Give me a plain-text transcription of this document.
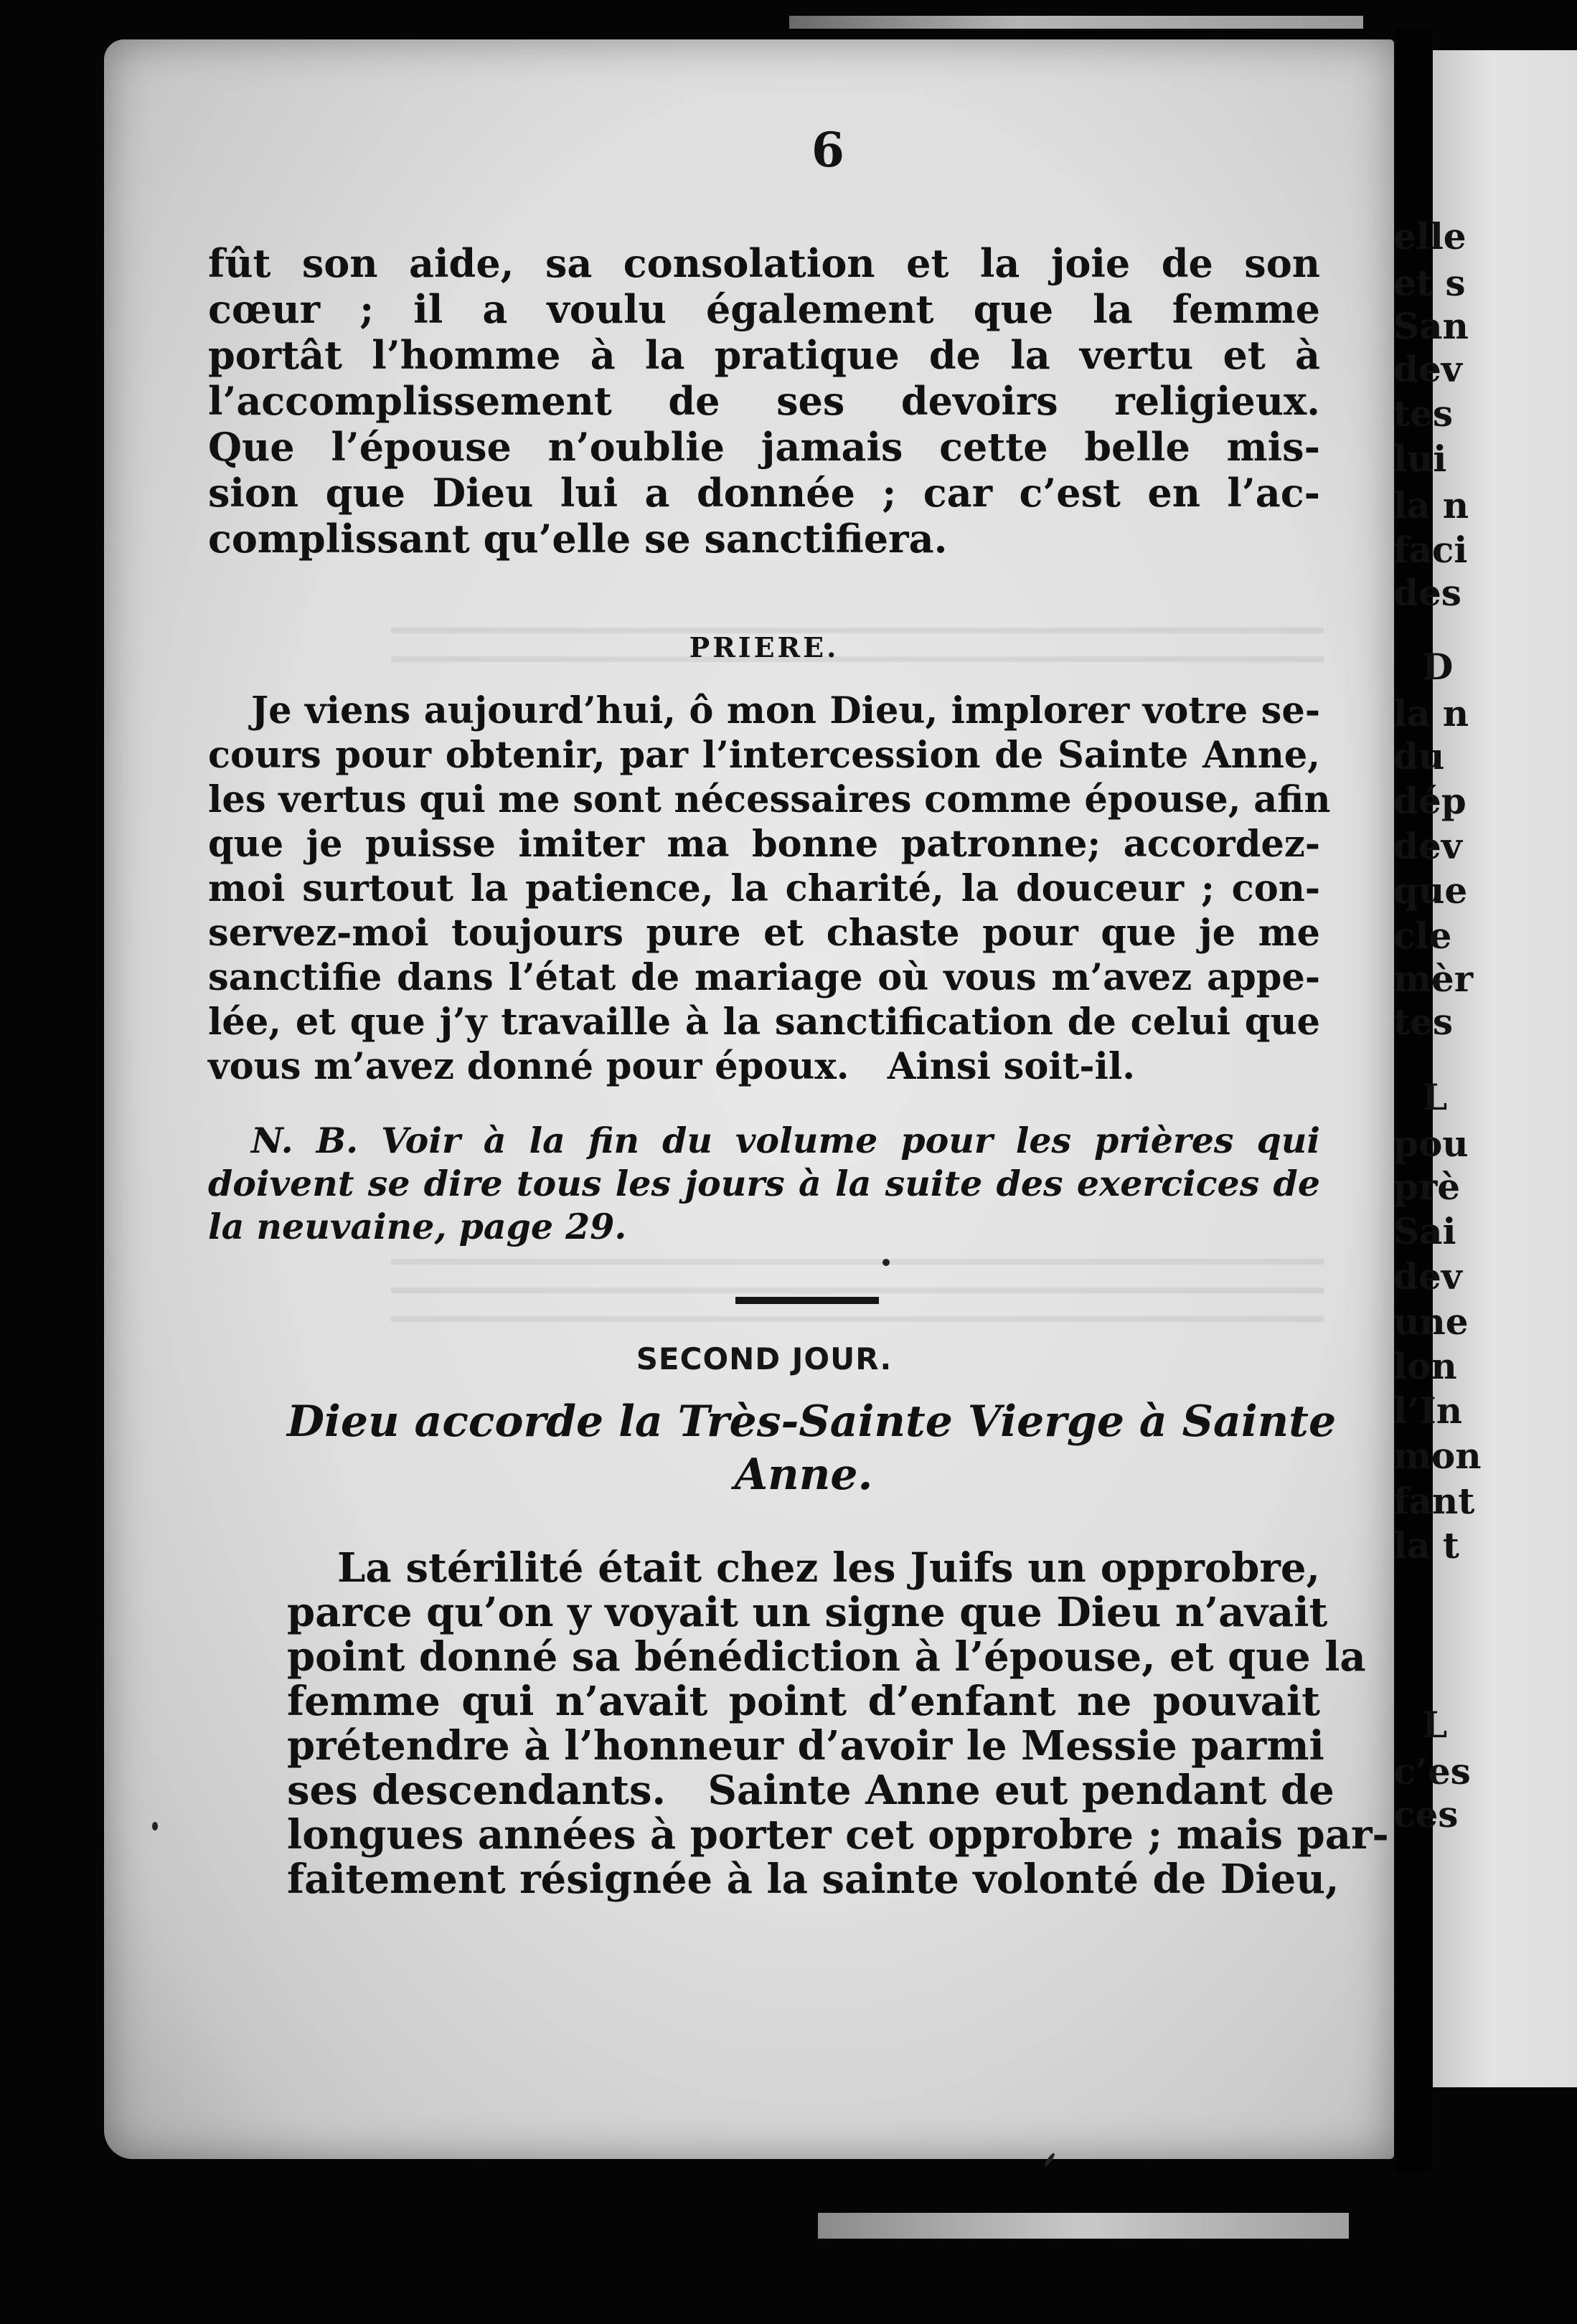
elle
et s
San
dev
tes
lui
la n
faci
des
D
la n
du
dép
dev
que
cle
mèr
tes
L
pou
prè
Sai
dev
une
lon
l’In
mon
fant
la t
L
c’es
ces
6
fût son aide, sa consolation et la joie de son
cœur ; il a voulu également que la femme
portât l’homme à la pratique de la vertu et à
l’accomplissement de ses devoirs religieux.
Que l’épouse n’oublie jamais cette belle mis-
sion que Dieu lui a donnée ; car c’est en l’ac-
complissant qu’elle se sanctifiera.
PRIERE.
Je viens aujourd’hui, ô mon Dieu, implorer votre se-
cours pour obtenir, par l’intercession de Sainte Anne,
les vertus qui me sont nécessaires comme épouse, afin
que je puisse imiter ma bonne patronne; accordez-
moi surtout la patience, la charité, la douceur ; con-
servez-moi toujours pure et chaste pour que je me
sanctifie dans l’état de mariage où vous m’avez appe-
lée, et que j’y travaille à la sanctification de celui que
vous m’avez donné pour époux.   Ainsi soit-il.
N. B. Voir à la fin du volume pour les prières qui
doivent se dire tous les jours à la suite des exercices de
la neuvaine, page 29.
SECOND JOUR.
Dieu accorde la Très-Sainte Vierge à Sainte
Anne.
La stérilité était chez les Juifs un opprobre,
parce qu’on y voyait un signe que Dieu n’avait
point donné sa bénédiction à l’épouse, et que la
femme qui n’avait point d’enfant ne pouvait
prétendre à l’honneur d’avoir le Messie parmi
ses descendants.   Sainte Anne eut pendant de
longues années à porter cet opprobre ; mais par-
faitement résignée à la sainte volonté de Dieu,
